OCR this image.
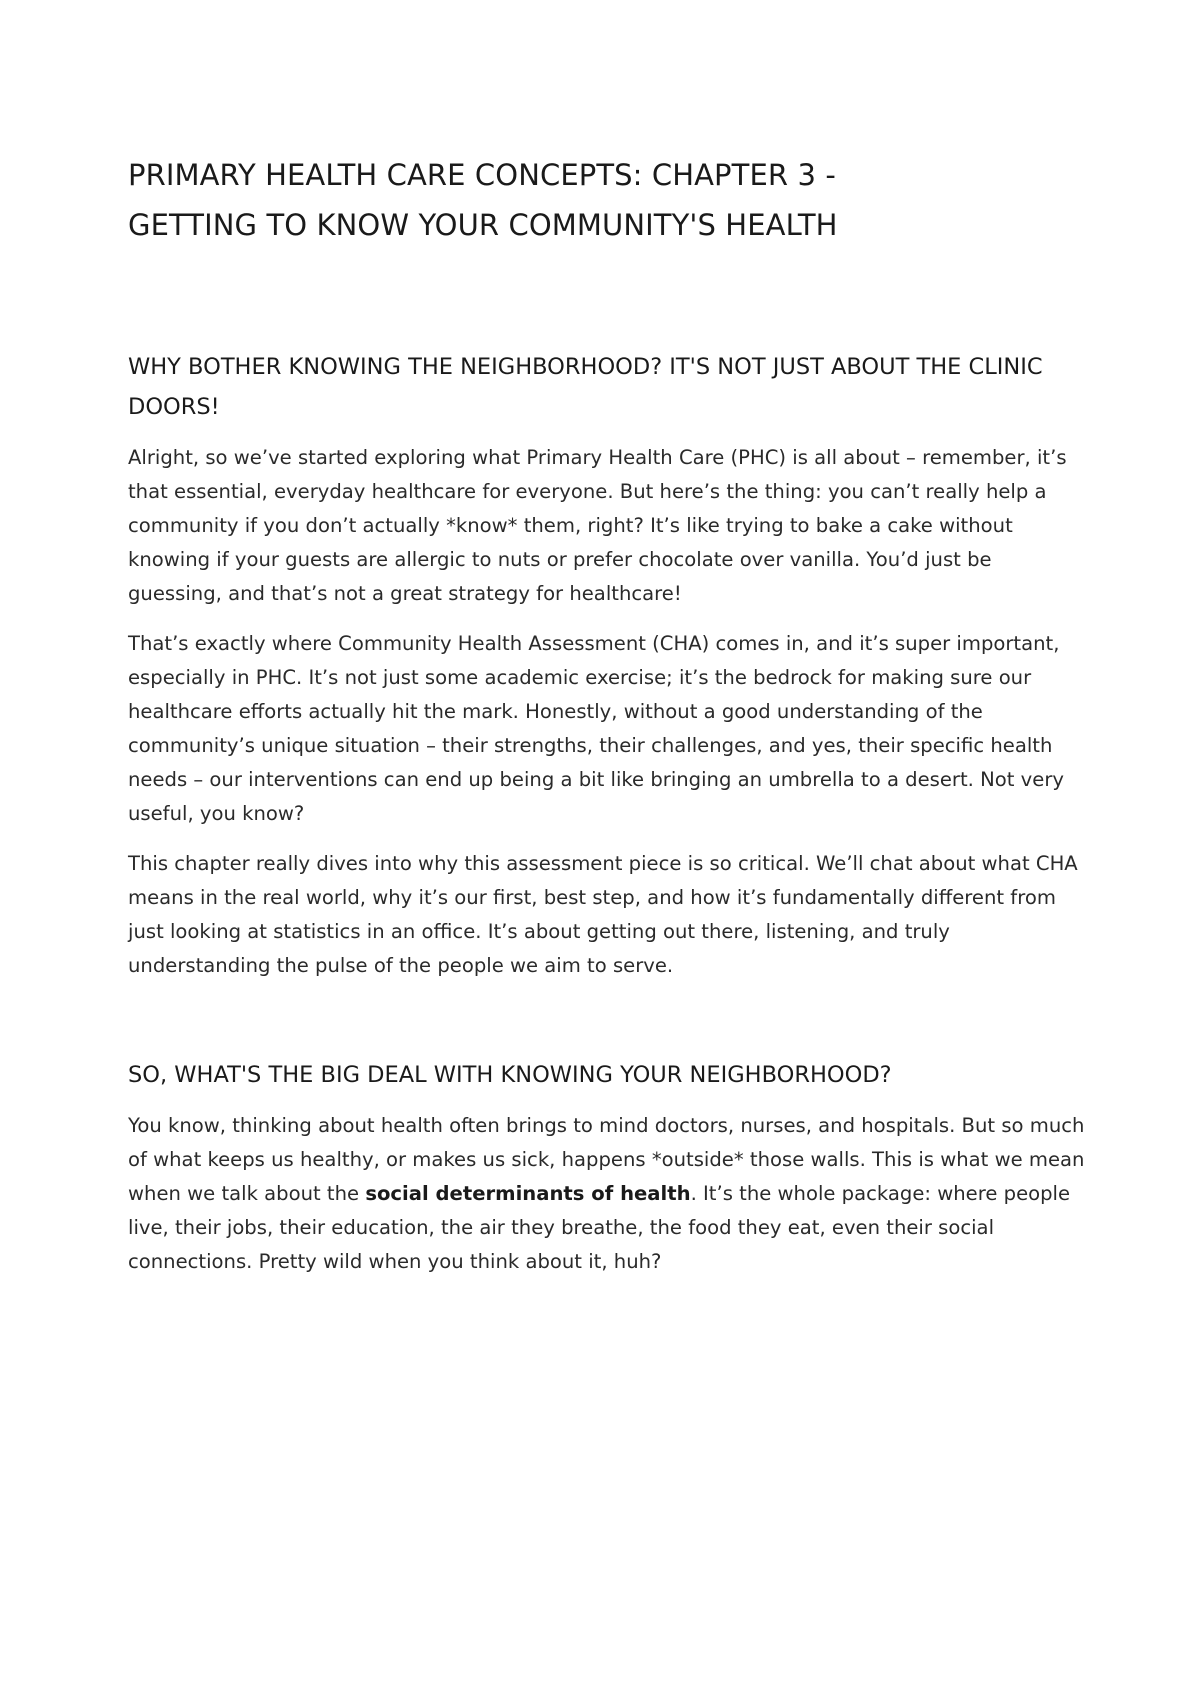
PRIMARY HEALTH CARE CONCEPTS: CHAPTER 3 -
GETTING TO KNOW YOUR COMMUNITY'S HEALTH
WHY BOTHER KNOWING THE NEIGHBORHOOD? IT'S NOT JUST ABOUT THE CLINIC DOORS!

Alright, so we’ve started exploring what Primary Health Care (PHC) is all about – remember, it’s that essential, everyday healthcare for everyone. But here’s the thing: you can’t really help a community if you don’t actually *know* them, right? It’s like trying to bake a cake without knowing if your guests are allergic to nuts or prefer chocolate over vanilla. You’d just be guessing, and that’s not a great strategy for healthcare!

That’s exactly where Community Health Assessment (CHA) comes in, and it’s super important, especially in PHC. It’s not just some academic exercise; it’s the bedrock for making sure our healthcare efforts actually hit the mark. Honestly, without a good understanding of the community’s unique situation – their strengths, their challenges, and yes, their specific health needs – our interventions can end up being a bit like bringing an umbrella to a desert. Not very useful, you know?

This chapter really dives into why this assessment piece is so critical. We’ll chat about what CHA means in the real world, why it’s our first, best step, and how it’s fundamentally different from just looking at statistics in an office. It’s about getting out there, listening, and truly understanding the pulse of the people we aim to serve.

SO, WHAT'S THE BIG DEAL WITH KNOWING YOUR NEIGHBORHOOD?

You know, thinking about health often brings to mind doctors, nurses, and hospitals. But so much of what keeps us healthy, or makes us sick, happens *outside* those walls. This is what we mean when we talk about the social determinants of health. It’s the whole package: where people live, their jobs, their education, the air they breathe, the food they eat, even their social connections. Pretty wild when you think about it, huh?
